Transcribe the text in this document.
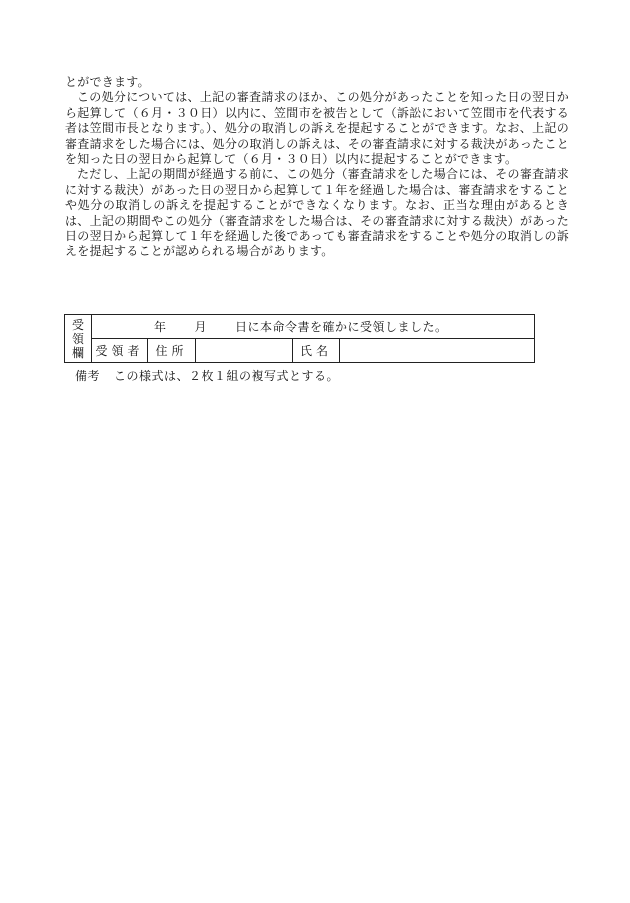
とができます。

この処分については、上記の審査請求のほか、この処分があったことを知った日の翌日から起算して（６月・３０日）以内に、笠間市を被告として（訴訟において笠間市を代表する者は笠間市長となります。）、処分の取消しの訴えを提起することができます。なお、上記の審査請求をした場合には、処分の取消しの訴えは、その審査請求に対する裁決があったことを知った日の翌日から起算して（６月・３０日）以内に提起することができます。

ただし、上記の期間が経過する前に、この処分（審査請求をした場合には、その審査請求に対する裁決）があった日の翌日から起算して１年を経過した場合は、審査請求をすることや処分の取消しの訴えを提起することができなくなります。なお、正当な理由があるときは、上記の期間やこの処分（審査請求をした場合は、その審査請求に対する裁決）があった日の翌日から起算して１年を経過した後であっても審査請求をすることや処分の取消しの訴えを提起することが認められる場合があります。

受
領
欄	年 月 日に本命令書を確かに受領しました。				
	受領者	住所		氏名	
備考 この様式は、２枚１組の複写式とする。
